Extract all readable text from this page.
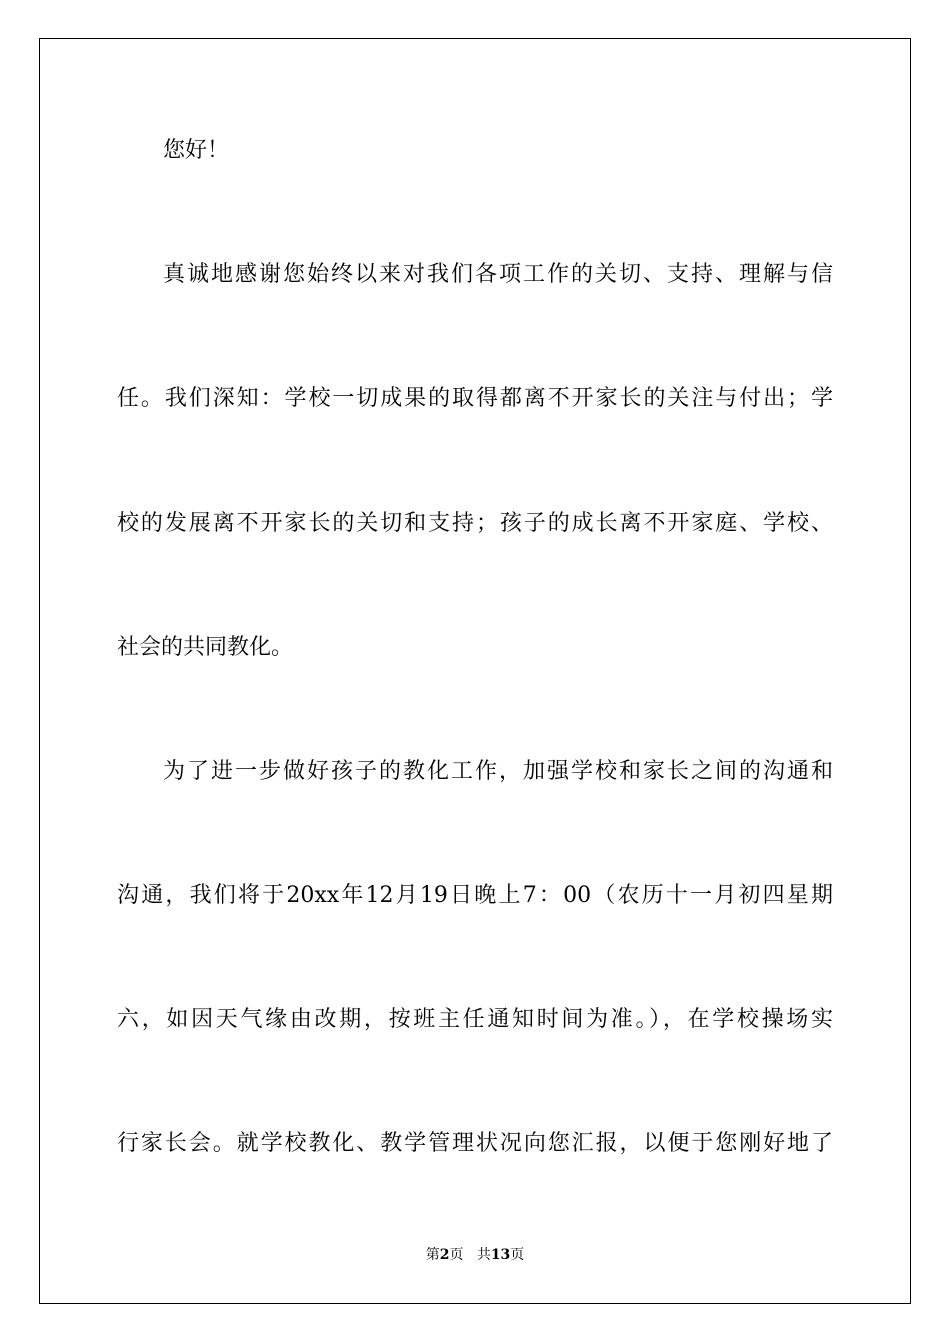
您好！
真诚地感谢您始终以来对我们各项工作的关切、支持、理解与信
任。我们深知：学校一切成果的取得都离不开家长的关注与付出；学
校的发展离不开家长的关切和支持；孩子的成长离不开家庭、学校、
社会的共同教化。
为了进一步做好孩子的教化工作，加强学校和家长之间的沟通和
沟通，我们将于20xx年12月19日晚上7：00（农历十一月初四星期
六，如因天气缘由改期，按班主任通知时间为准。），在学校操场实
行家长会。就学校教化、教学管理状况向您汇报，以便于您刚好地了
第2页 共13页
